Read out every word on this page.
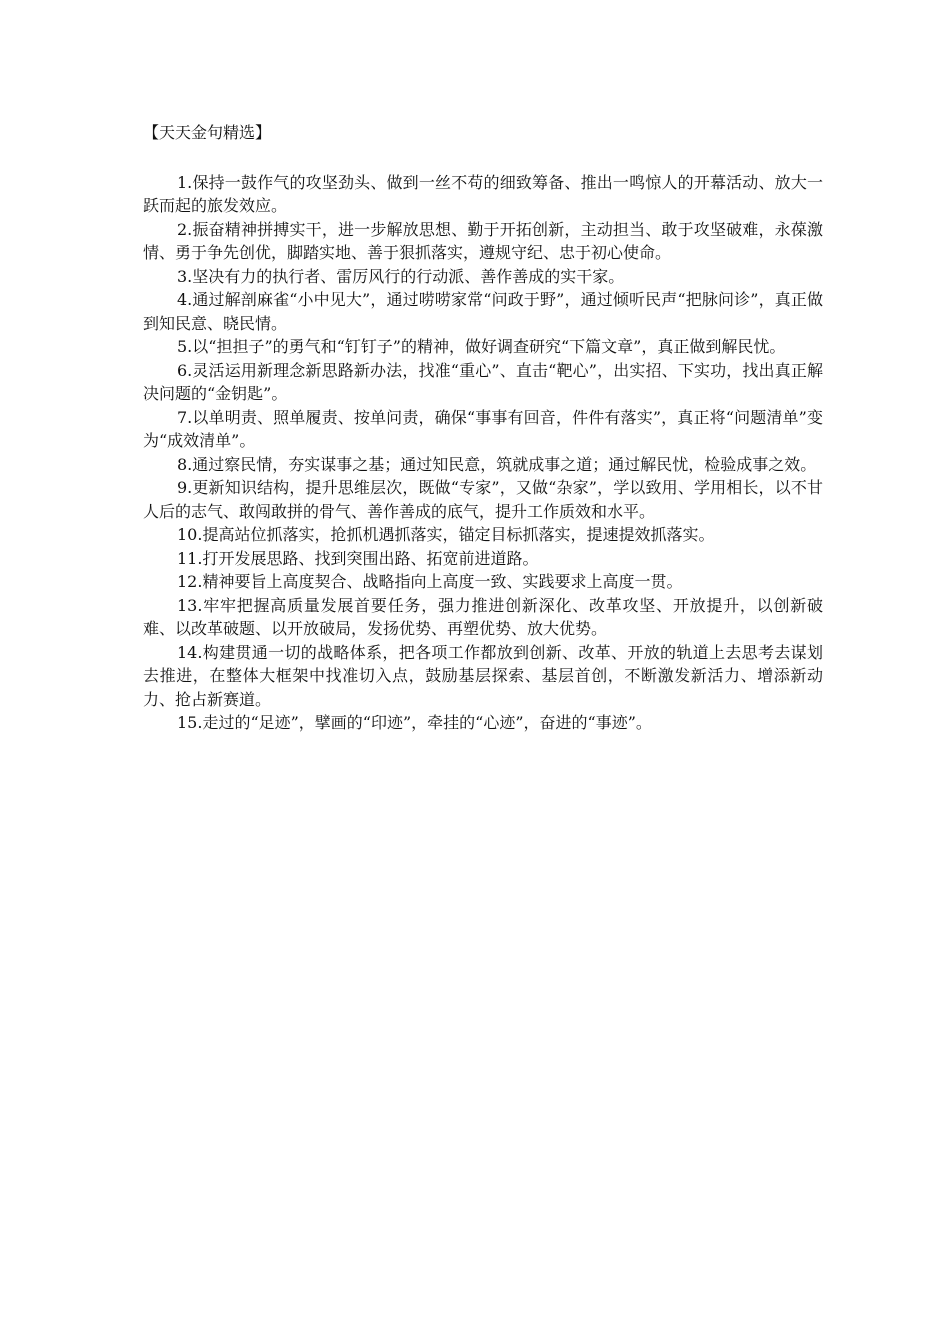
【天天金句精选】

1.保持一鼓作气的攻坚劲头、做到一丝不苟的细致筹备、推出一鸣惊人的开幕活动、放大一跃而起的旅发效应。

2.振奋精神拼搏实干，进一步解放思想、勤于开拓创新，主动担当、敢于攻坚破难，永葆激情、勇于争先创优，脚踏实地、善于狠抓落实，遵规守纪、忠于初心使命。

3.坚决有力的执行者、雷厉风行的行动派、善作善成的实干家。

4.通过解剖麻雀“小中见大”，通过唠唠家常“问政于野”，通过倾听民声“把脉问诊”，真正做到知民意、晓民情。

5.以“担担子”的勇气和“钉钉子”的精神，做好调查研究“下篇文章”，真正做到解民忧。

6.灵活运用新理念新思路新办法，找准“重心”、直击“靶心”，出实招、下实功，找出真正解决问题的“金钥匙”。

7.以单明责、照单履责、按单问责，确保“事事有回音，件件有落实”，真正将“问题清单”变为“成效清单”。

8.通过察民情，夯实谋事之基；通过知民意，筑就成事之道；通过解民忧，检验成事之效。

9.更新知识结构，提升思维层次，既做“专家”，又做“杂家”，学以致用、学用相长，以不甘人后的志气、敢闯敢拼的骨气、善作善成的底气，提升工作质效和水平。

10.提高站位抓落实，抢抓机遇抓落实，锚定目标抓落实，提速提效抓落实。

11.打开发展思路、找到突围出路、拓宽前进道路。

12.精神要旨上高度契合、战略指向上高度一致、实践要求上高度一贯。

13.牢牢把握高质量发展首要任务，强力推进创新深化、改革攻坚、开放提升，以创新破难、以改革破题、以开放破局，发扬优势、再塑优势、放大优势。

14.构建贯通一切的战略体系，把各项工作都放到创新、改革、开放的轨道上去思考去谋划去推进，在整体大框架中找准切入点，鼓励基层探索、基层首创，不断激发新活力、增添新动力、抢占新赛道。

15.走过的“足迹”，擘画的“印迹”，牵挂的“心迹”，奋进的“事迹”。
